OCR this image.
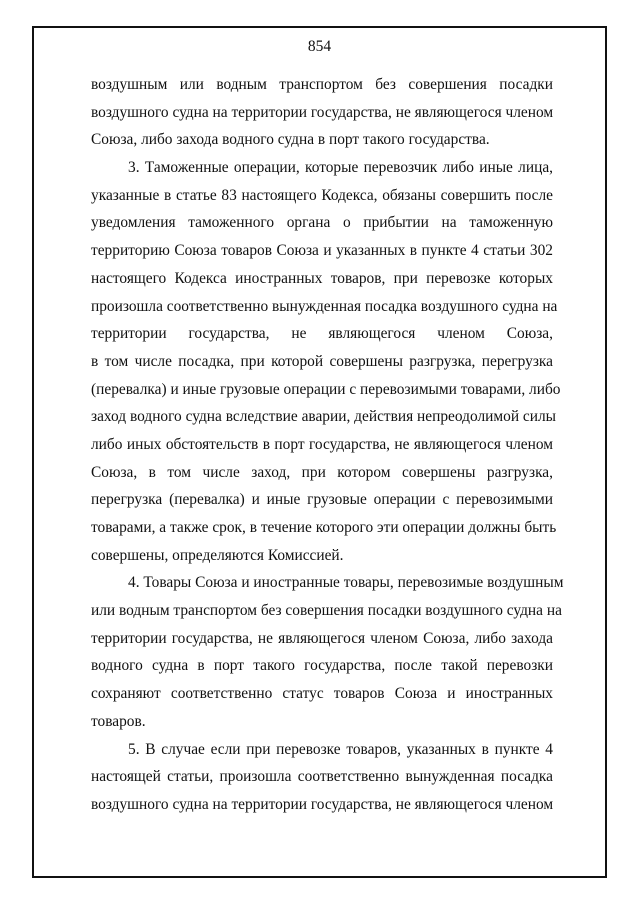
854
воздушным или водным транспортом без совершения посадки
воздушного судна на территории государства, не являющегося членом
Союза, либо захода водного судна в порт такого государства.
3. Таможенные операции, которые перевозчик либо иные лица,
указанные в статье 83 настоящего Кодекса, обязаны совершить после
уведомления таможенного органа о прибытии на таможенную
территорию Союза товаров Союза и указанных в пункте 4 статьи 302
настоящего Кодекса иностранных товаров, при перевозке которых
произошла соответственно вынужденная посадка воздушного судна на
территории государства, не являющегося членом Союза,
в том числе посадка, при которой совершены разгрузка, перегрузка
(перевалка) и иные грузовые операции с перевозимыми товарами, либо
заход водного судна вследствие аварии, действия непреодолимой силы
либо иных обстоятельств в порт государства, не являющегося членом
Союза, в том числе заход, при котором совершены разгрузка,
перегрузка (перевалка) и иные грузовые операции с перевозимыми
товарами, а также срок, в течение которого эти операции должны быть
совершены, определяются Комиссией.
4. Товары Союза и иностранные товары, перевозимые воздушным
или водным транспортом без совершения посадки воздушного судна на
территории государства, не являющегося членом Союза, либо захода
водного судна в порт такого государства, после такой перевозки
сохраняют соответственно статус товаров Союза и иностранных
товаров.
5. В случае если при перевозке товаров, указанных в пункте 4
настоящей статьи, произошла соответственно вынужденная посадка
воздушного судна на территории государства, не являющегося членом
